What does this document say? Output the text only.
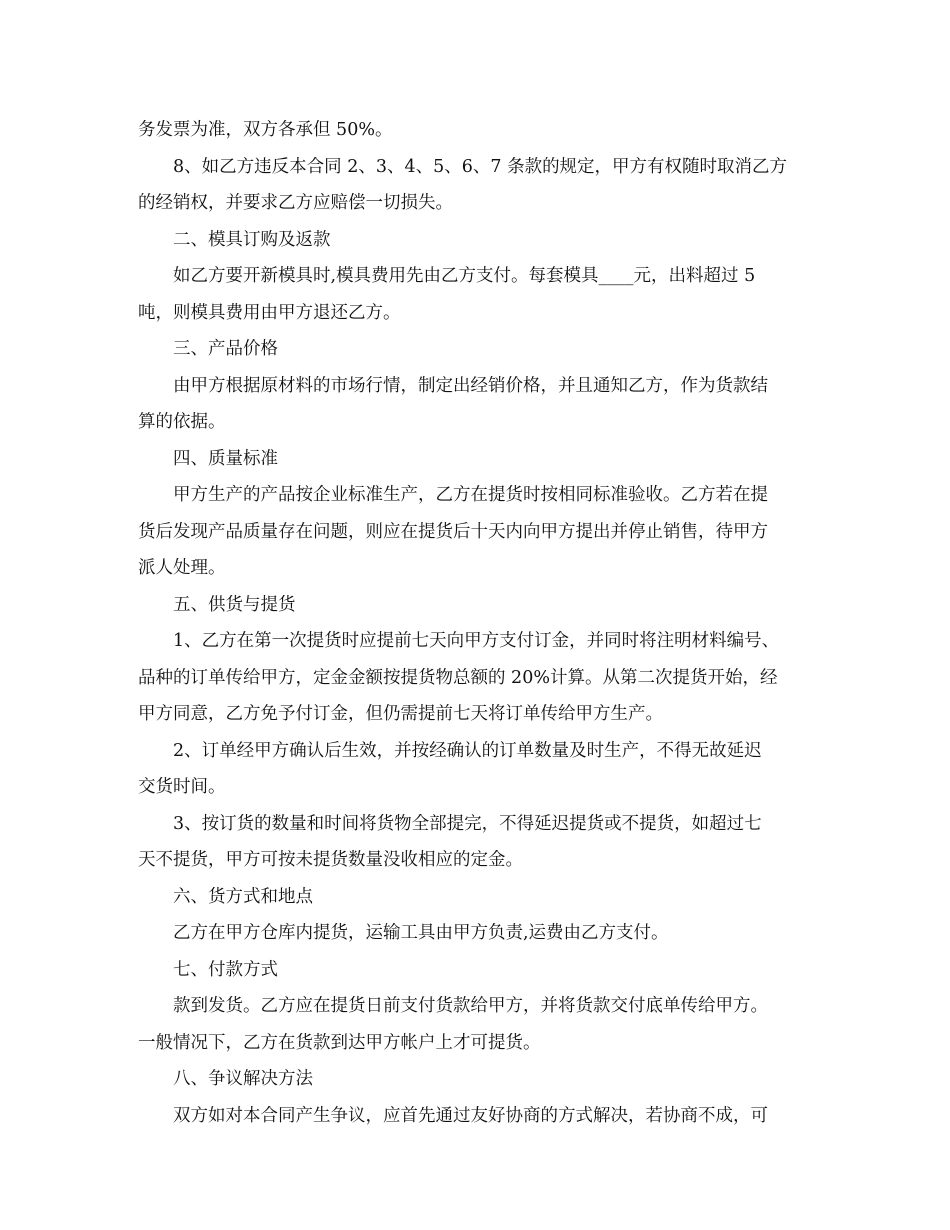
务发票为准，双方各承但 50%。
8、如乙方违反本合同 2、3、4、5、6、7 条款的规定，甲方有权随时取消乙方
的经销权，并要求乙方应赔偿一切损失。
二、模具订购及返款
如乙方要开新模具时,模具费用先由乙方支付。每套模具____元，出料超过 5
吨，则模具费用由甲方退还乙方。
三、产品价格
由甲方根据原材料的市场行情，制定出经销价格，并且通知乙方，作为货款结
算的依据。
四、质量标准
甲方生产的产品按企业标准生产，乙方在提货时按相同标准验收。乙方若在提
货后发现产品质量存在问题，则应在提货后十天内向甲方提出并停止销售，待甲方
派人处理。
五、供货与提货
1、乙方在第一次提货时应提前七天向甲方支付订金，并同时将注明材料编号、
品种的订单传给甲方，定金金额按提货物总额的 20%计算。从第二次提货开始，经
甲方同意，乙方免予付订金，但仍需提前七天将订单传给甲方生产。
2、订单经甲方确认后生效，并按经确认的订单数量及时生产，不得无故延迟
交货时间。
3、按订货的数量和时间将货物全部提完，不得延迟提货或不提货，如超过七
天不提货，甲方可按未提货数量没收相应的定金。
六、货方式和地点
乙方在甲方仓库内提货，运输工具由甲方负责,运费由乙方支付。
七、付款方式
款到发货。乙方应在提货日前支付货款给甲方，并将货款交付底单传给甲方。
一般情况下，乙方在货款到达甲方帐户上才可提货。
八、争议解决方法
双方如对本合同产生争议，应首先通过友好协商的方式解决，若协商不成，可
